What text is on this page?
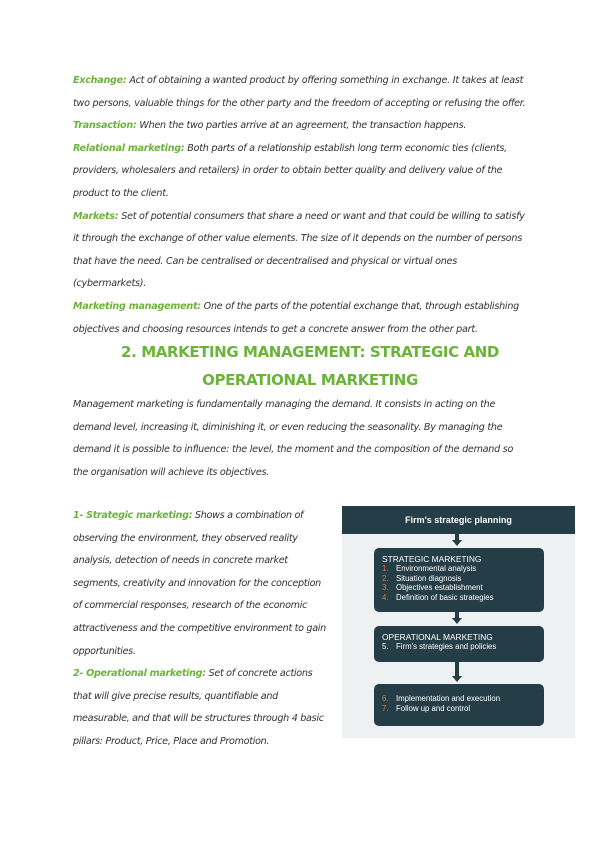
Exchange: Act of obtaining a wanted product by offering something in exchange. It takes at least two persons, valuable things for the other party and the freedom of accepting or refusing the offer.
Transaction: When the two parties arrive at an agreement, the transaction happens.
Relational marketing: Both parts of a relationship establish long term economic ties (clients, providers, wholesalers and retailers) in order to obtain better quality and delivery value of the product to the client.
Markets: Set of potential consumers that share a need or want and that could be willing to satisfy it through the exchange of other value elements. The size of it depends on the number of persons that have the need. Can be centralised or decentralised and physical or virtual ones (cybermarkets).
Marketing management: One of the parts of the potential exchange that, through establishing objectives and choosing resources intends to get a concrete answer from the other part.
2. MARKETING MANAGEMENT: STRATEGIC AND
OPERATIONAL MARKETING
Management marketing is fundamentally managing the demand. It consists in acting on the demand level, increasing it, diminishing it, or even reducing the seasonality. By managing the demand it is possible to influence: the level, the moment and the composition of the demand so the organisation will achieve its objectives.
1- Strategic marketing: Shows a combination of observing the environment, they observed reality analysis, detection of needs in concrete market segments, creativity and innovation for the conception of commercial responses, research of the economic attractiveness and the competitive environment to gain opportunities.
2- Operational marketing: Set of concrete actions that will give precise results, quantifiable and measurable, and that will be structures through 4 basic pillars: Product, Price, Place and Promotion.
Firm's strategic planning
STRATEGIC MARKETING
1. Environmental analysis
2. Situation diagnosis
3. Objectives establishment
4. Definition of basic strategies
OPERATIONAL MARKETING
5. Firm's strategies and policies
6. Implementation and execution
7. Follow up and control
